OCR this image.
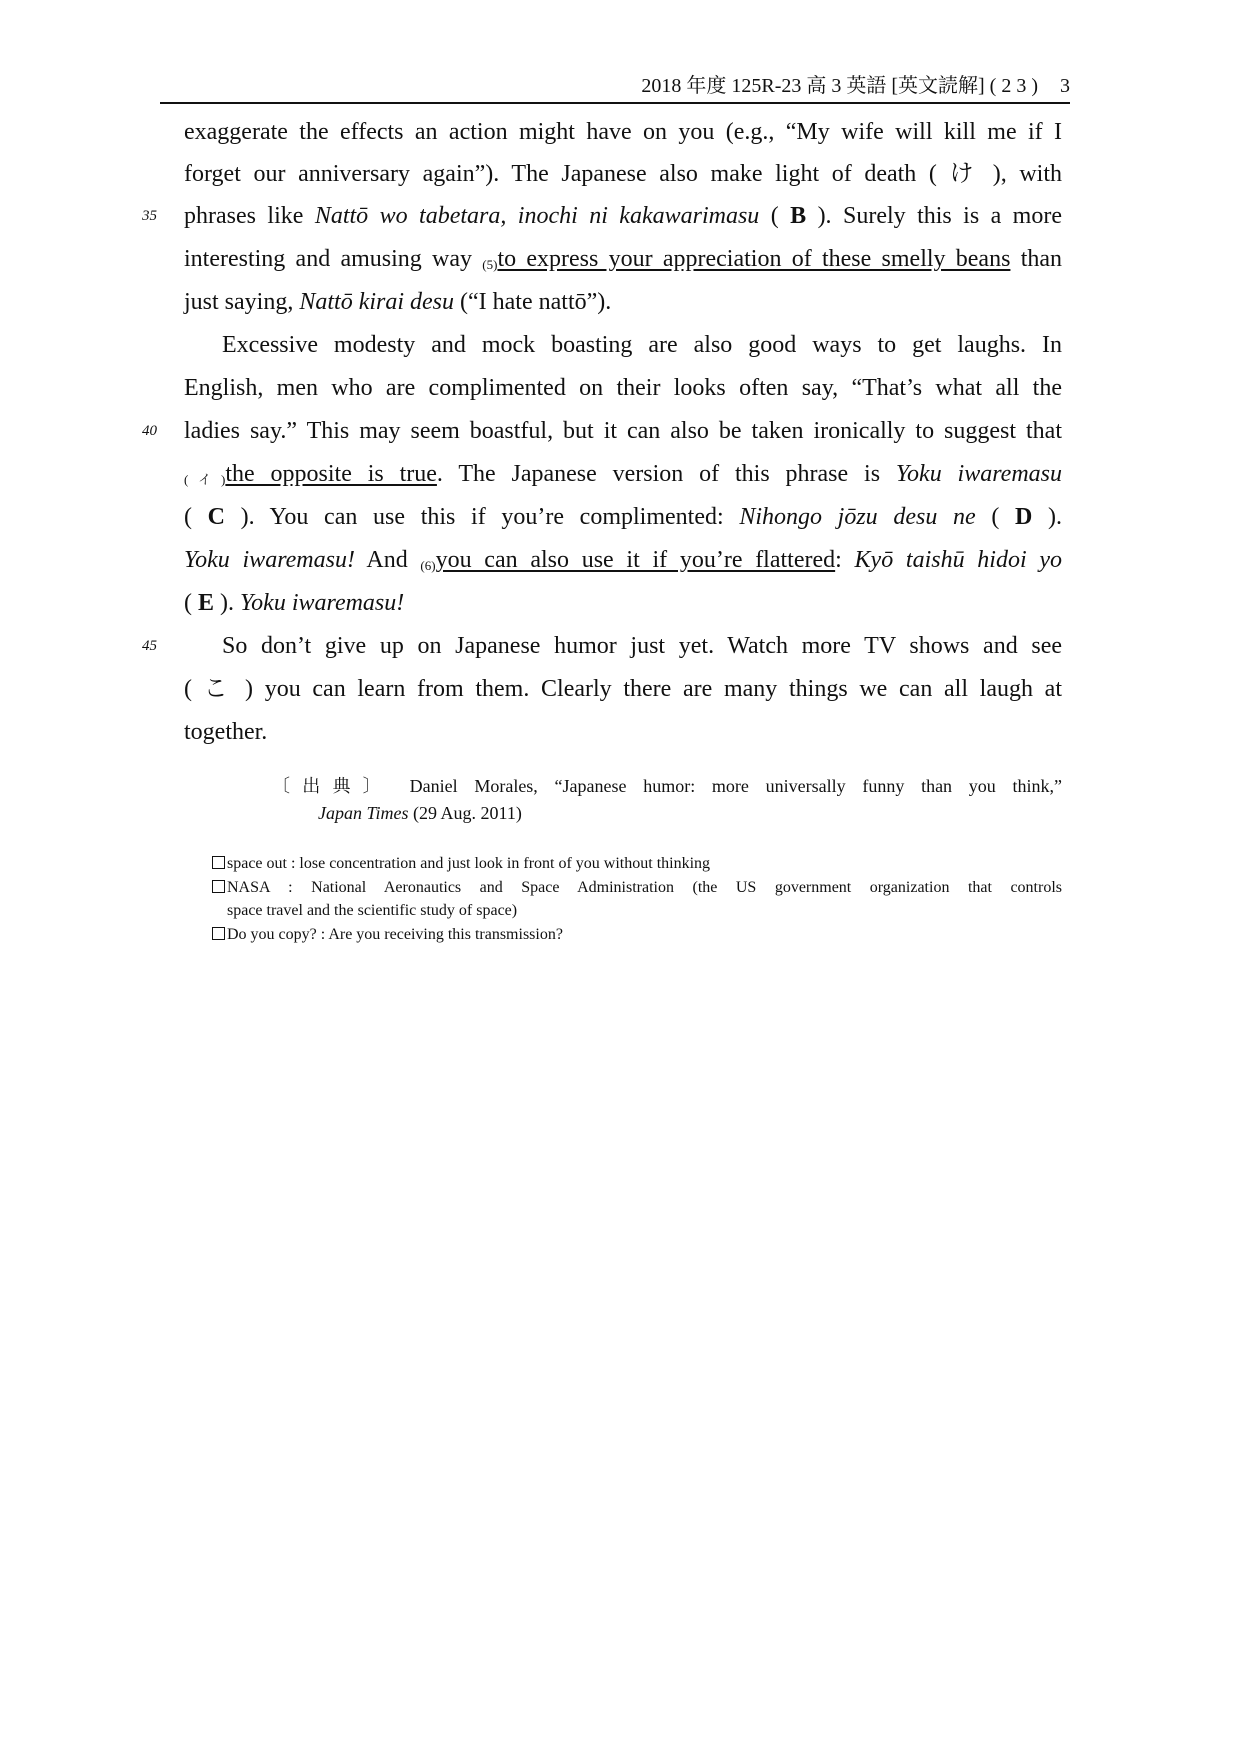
2018 年度 125R-23 高 3 英語 [英文読解] ( 2 3 ) 3
exaggerate the effects an action might have on you (e.g., “My wife will kill me if I
forget our anniversary again”). The Japanese also make light of death ( け ), with
35 phrases like Nattō wo tabetara, inochi ni kakawarimasu ( B ). Surely this is a more
interesting and amusing way $_{(5)}$to express your appreciation of these smelly beans than
just saying, Nattō kirai desu (“I hate nattō”).
Excessive modesty and mock boasting are also good ways to get laughs. In
English, men who are complimented on their looks often say, “That’s what all the
40 ladies say.” This may seem boastful, but it can also be taken ironically to suggest that
$_{(イ)}$the opposite is true. The Japanese version of this phrase is Yoku iwaremasu
( C ). You can use this if you’re complimented: Nihongo jōzu desu ne ( D ).
Yoku iwaremasu! And $_{(6)}$you can also use it if you’re flattered: Kyō taishū hidoi yo
( E ). Yoku iwaremasu!
45	So don’t give up on Japanese humor just yet. Watch more TV shows and see
( こ ) you can learn from them. Clearly there are many things we can all laugh at
together.
〔出典〕 Daniel Morales, “Japanese humor: more universally funny than you think,”
Japan Times (29 Aug. 2011)
space out : lose concentration and just look in front of you without thinking
NASA : National Aeronautics and Space Administration (the US government organization that controls
space travel and the scientific study of space)
Do you copy? : Are you receiving this transmission?
